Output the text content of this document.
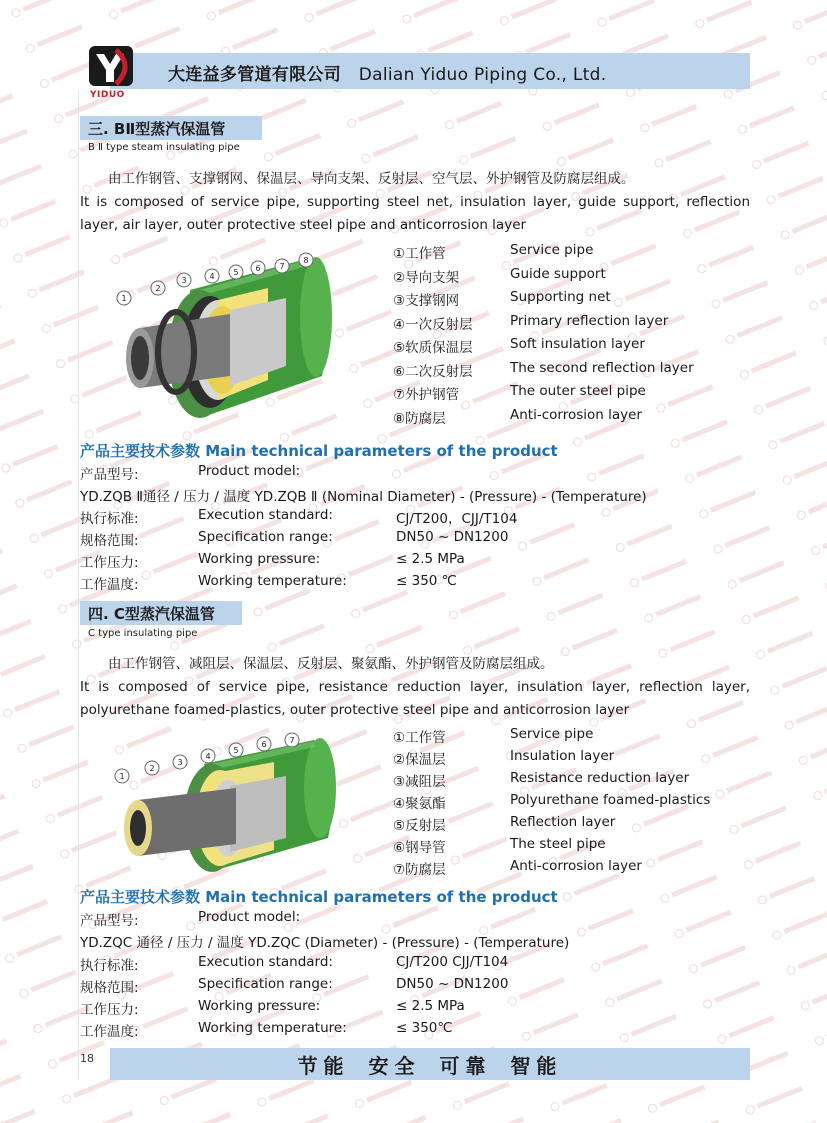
YIDUO
大连益多管道有限公司 Dalian Yiduo Piping Co., Ltd.
三. BⅡ型蒸汽保温管
B Ⅱ type steam insulating pipe
由工作钢管、支撑钢网、保温层、导向支架、反射层、空气层、外护钢管及防腐层组成。
It is composed of service pipe, supporting steel net, insulation layer, guide support, reflection layer, air layer, outer protective steel pipe and anticorrosion layer
1
2
3	4 5 6 7
8	①工作管	Service pipe
②导向支架	Guide support
③支撑钢网	Supporting net
④一次反射层	Primary reflection layer
⑤软质保温层	Soft insulation layer
⑥二次反射层	The second reflection layer
⑦外护钢管	The outer steel pipe
⑧防腐层	Anti-corrosion layer
产品主要技术参数 Main technical parameters of the product
产品型号:	Product model:
YD.ZQB Ⅱ通径 / 压力 / 温度 YD.ZQB Ⅱ (Nominal Diameter) - (Pressure) - (Temperature)
执行标准:	Execution standard:	CJ/T200，CJJ/T104
规格范围:	Specification range:	DN50 ~ DN1200
工作压力:	Working pressure:	≤ 2.5 MPa
工作温度:	Working temperature:	≤ 350 ℃
四. C型蒸汽保温管
C type insulating pipe
由工作钢管、减阻层、保温层、反射层、聚氨酯、外护钢管及防腐层组成。
It is composed of service pipe, resistance reduction layer, insulation layer, reflection layer, polyurethane foamed-plastics, outer protective steel pipe and anticorrosion layer
1
2
3
4
5
6	7	①工作管	Service pipe
②保温层	Insulation layer
③减阻层	Resistance reduction layer
④聚氨酯	Polyurethane foamed-plastics
⑤反射层	Reflection layer
⑥钢导管	The steel pipe
⑦防腐层	Anti-corrosion layer
产品主要技术参数 Main technical parameters of the product
产品型号:	Product model:
YD.ZQC 通径 / 压力 / 温度 YD.ZQC (Diameter) - (Pressure) - (Temperature)
执行标准:	Execution standard:	CJ/T200 CJJ/T104
规格范围:	Specification range:	DN50 ~ DN1200
工作压力:	Working pressure:	≤ 2.5 MPa
工作温度:	Working temperature:	≤ 350℃
18	节能 安全 可靠 智能
